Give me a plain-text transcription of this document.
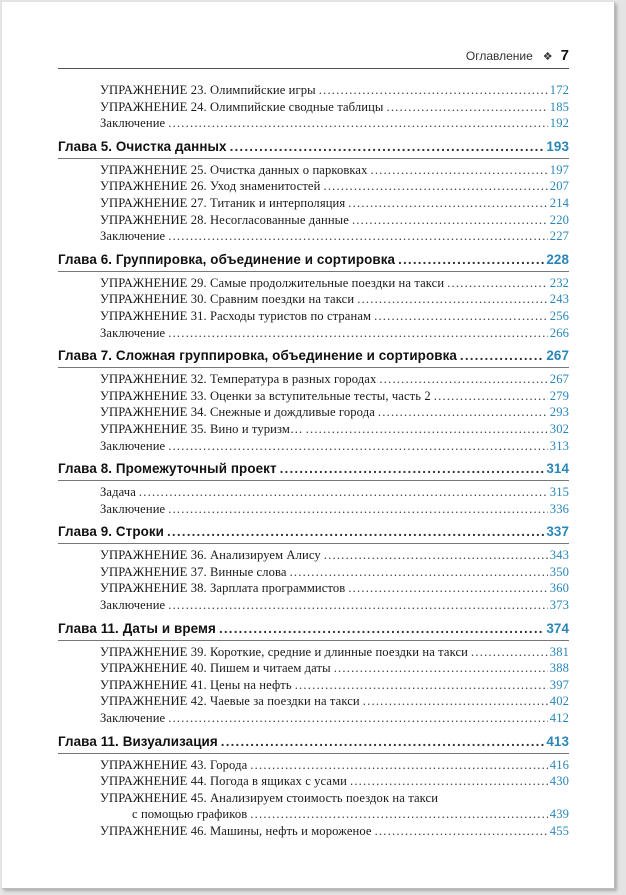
Оглавление ❖ 7
УПРАЖНЕНИЕ 23. Олимпийские игры .....	172
УПРАЖНЕНИЕ 24. Олимпийские сводные таблицы .....	185
Заключение .....	192
Глава 5. Очистка данных .....	193
УПРАЖНЕНИЕ 25. Очистка данных о парковках .....	197
УПРАЖНЕНИЕ 26. Уход знаменитостей .....	207
УПРАЖНЕНИЕ 27. Титаник и интерполяция .....	214
УПРАЖНЕНИЕ 28. Несогласованные данные .....	220
Заключение .....	227
Глава 6. Группировка, объединение и сортировка .....	228
УПРАЖНЕНИЕ 29. Самые продолжительные поездки на такси .....	232
УПРАЖНЕНИЕ 30. Сравним поездки на такси .....	243
УПРАЖНЕНИЕ 31. Расходы туристов по странам .....	256
Заключение .....	266
Глава 7. Сложная группировка, объединение и сортировка .....	267
УПРАЖНЕНИЕ 32. Температура в разных городах .....	267
УПРАЖНЕНИЕ 33. Оценки за вступительные тесты, часть 2 .....	279
УПРАЖНЕНИЕ 34. Снежные и дождливые города .....	293
УПРАЖНЕНИЕ 35. Вино и туризм… .....	302
Заключение .....	313
Глава 8. Промежуточный проект .....	314
Задача .....	315
Заключение .....	336
Глава 9. Строки .....	337
УПРАЖНЕНИЕ 36. Анализируем Алису .....	343
УПРАЖНЕНИЕ 37. Винные слова .....	350
УПРАЖНЕНИЕ 38. Зарплата программистов .....	360
Заключение .....	373
Глава 11. Даты и время .....	374
УПРАЖНЕНИЕ 39. Короткие, средние и длинные поездки на такси .....	381
УПРАЖНЕНИЕ 40. Пишем и читаем даты .....	388
УПРАЖНЕНИЕ 41. Цены на нефть .....	397
УПРАЖНЕНИЕ 42. Чаевые за поездки на такси .....	402
Заключение .....	412
Глава 11. Визуализация .....	413
УПРАЖНЕНИЕ 43. Города .....	416
УПРАЖНЕНИЕ 44. Погода в ящиках с усами .....	430
УПРАЖНЕНИЕ 45. Анализируем стоимость поездок на такси
с помощью графиков .....	439
УПРАЖНЕНИЕ 46. Машины, нефть и мороженое .....	455
